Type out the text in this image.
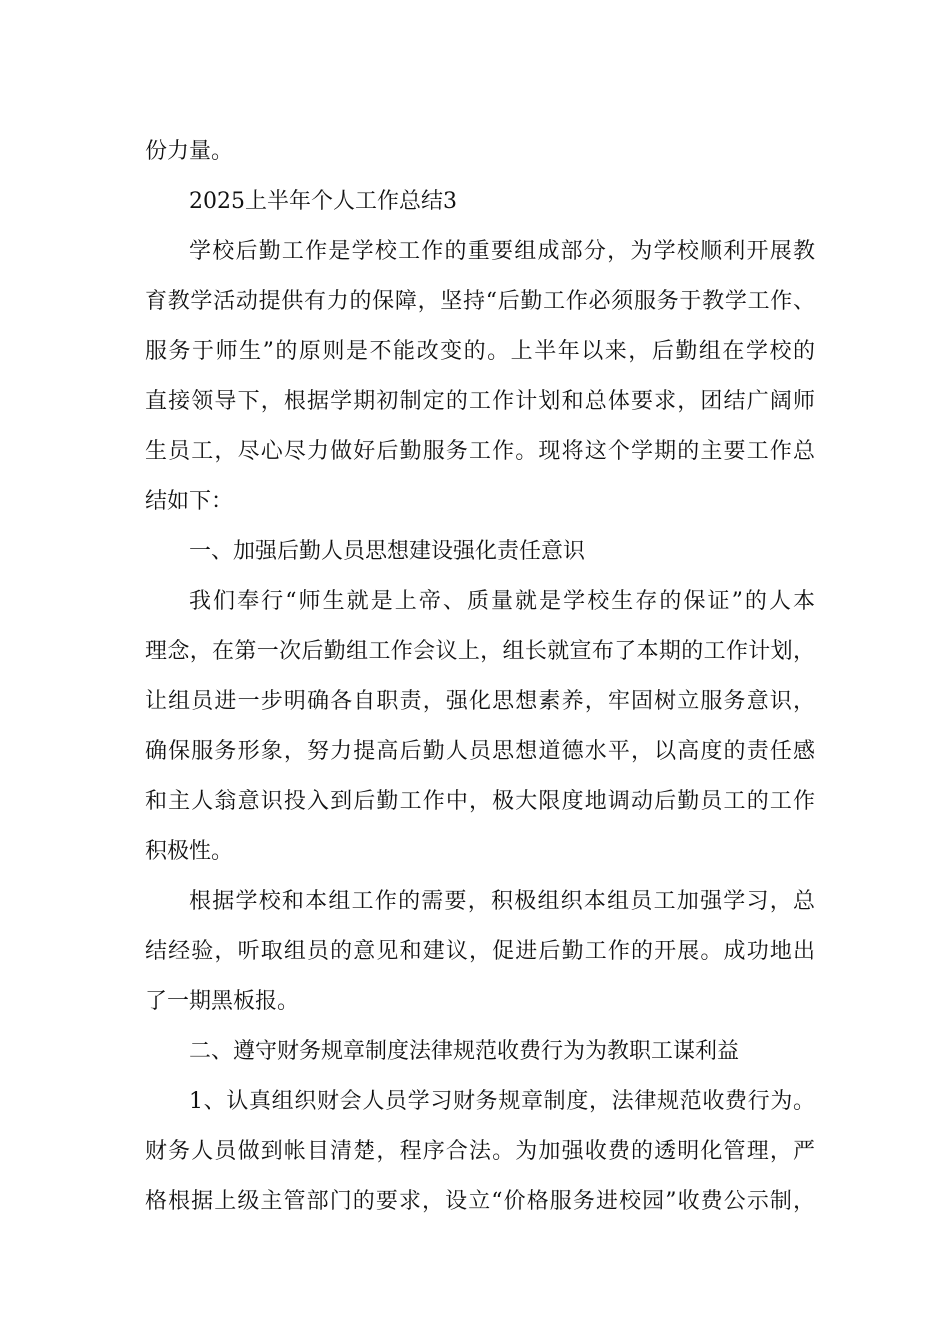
份力量。
2025上半年个人工作总结3
学校后勤工作是学校工作的重要组成部分，为学校顺利开展教
育教学活动提供有力的保障，坚持“后勤工作必须服务于教学工作、
服务于师生”的原则是不能改变的。上半年以来，后勤组在学校的
直接领导下，根据学期初制定的工作计划和总体要求，团结广阔师
生员工，尽心尽力做好后勤服务工作。现将这个学期的主要工作总
结如下：
一、加强后勤人员思想建设强化责任意识
我们奉行“师生就是上帝、质量就是学校生存的保证”的人本
理念，在第一次后勤组工作会议上，组长就宣布了本期的工作计划，
让组员进一步明确各自职责，强化思想素养，牢固树立服务意识，
确保服务形象，努力提高后勤人员思想道德水平，以高度的责任感
和主人翁意识投入到后勤工作中，极大限度地调动后勤员工的工作
积极性。
根据学校和本组工作的需要，积极组织本组员工加强学习，总
结经验，听取组员的意见和建议，促进后勤工作的开展。成功地出
了一期黑板报。
二、遵守财务规章制度法律规范收费行为为教职工谋利益
1、认真组织财会人员学习财务规章制度，法律规范收费行为。
财务人员做到帐目清楚，程序合法。为加强收费的透明化管理，严
格根据上级主管部门的要求，设立“价格服务进校园”收费公示制，
